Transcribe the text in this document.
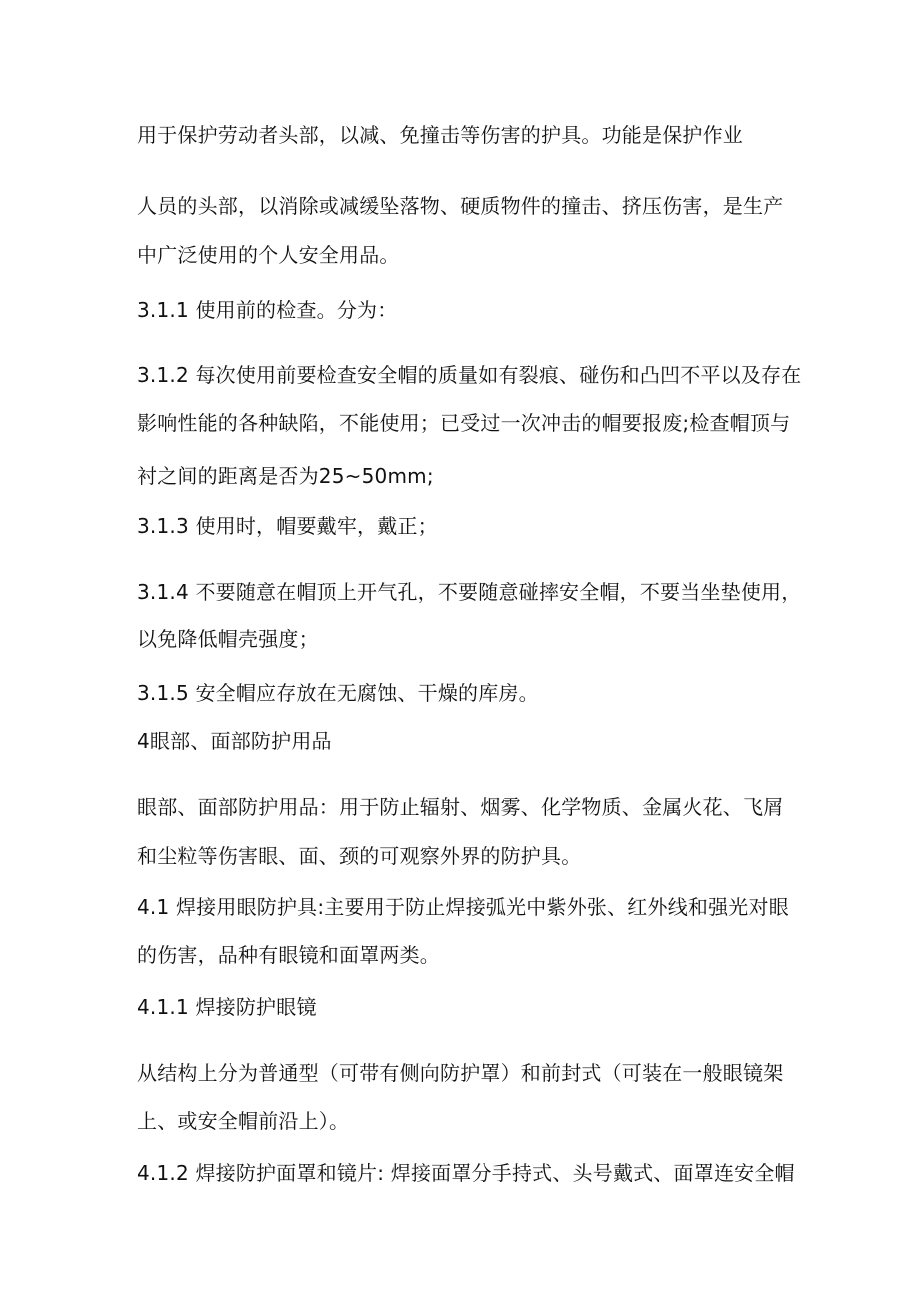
用于保护劳动者头部，以减、免撞击等伤害的护具。功能是保护作业
人员的头部，以消除或减缓坠落物、硬质物件的撞击、挤压伤害，是生产
中广泛使用的个人安全用品。
3.1.1 使用前的检查。分为：
3.1.2 每次使用前要检查安全帽的质量如有裂痕、碰伤和凸凹不平以及存在
影响性能的各种缺陷，不能使用；已受过一次冲击的帽要报废;检查帽顶与
衬之间的距离是否为25~50mm;
3.1.3 使用时，帽要戴牢，戴正；
3.1.4 不要随意在帽顶上开气孔，不要随意碰摔安全帽，不要当坐垫使用，
以免降低帽壳强度；
3.1.5 安全帽应存放在无腐蚀、干燥的库房。
4眼部、面部防护用品
眼部、面部防护用品：用于防止辐射、烟雾、化学物质、金属火花、飞屑
和尘粒等伤害眼、面、颈的可观察外界的防护具。
4.1 焊接用眼防护具:主要用于防止焊接弧光中紫外张、红外线和强光对眼
的伤害，品种有眼镜和面罩两类。
4.1.1 焊接防护眼镜
从结构上分为普通型（可带有侧向防护罩）和前封式（可装在一般眼镜架
上、或安全帽前沿上）。
4.1.2 焊接防护面罩和镜片: 焊接面罩分手持式、头号戴式、面罩连安全帽
